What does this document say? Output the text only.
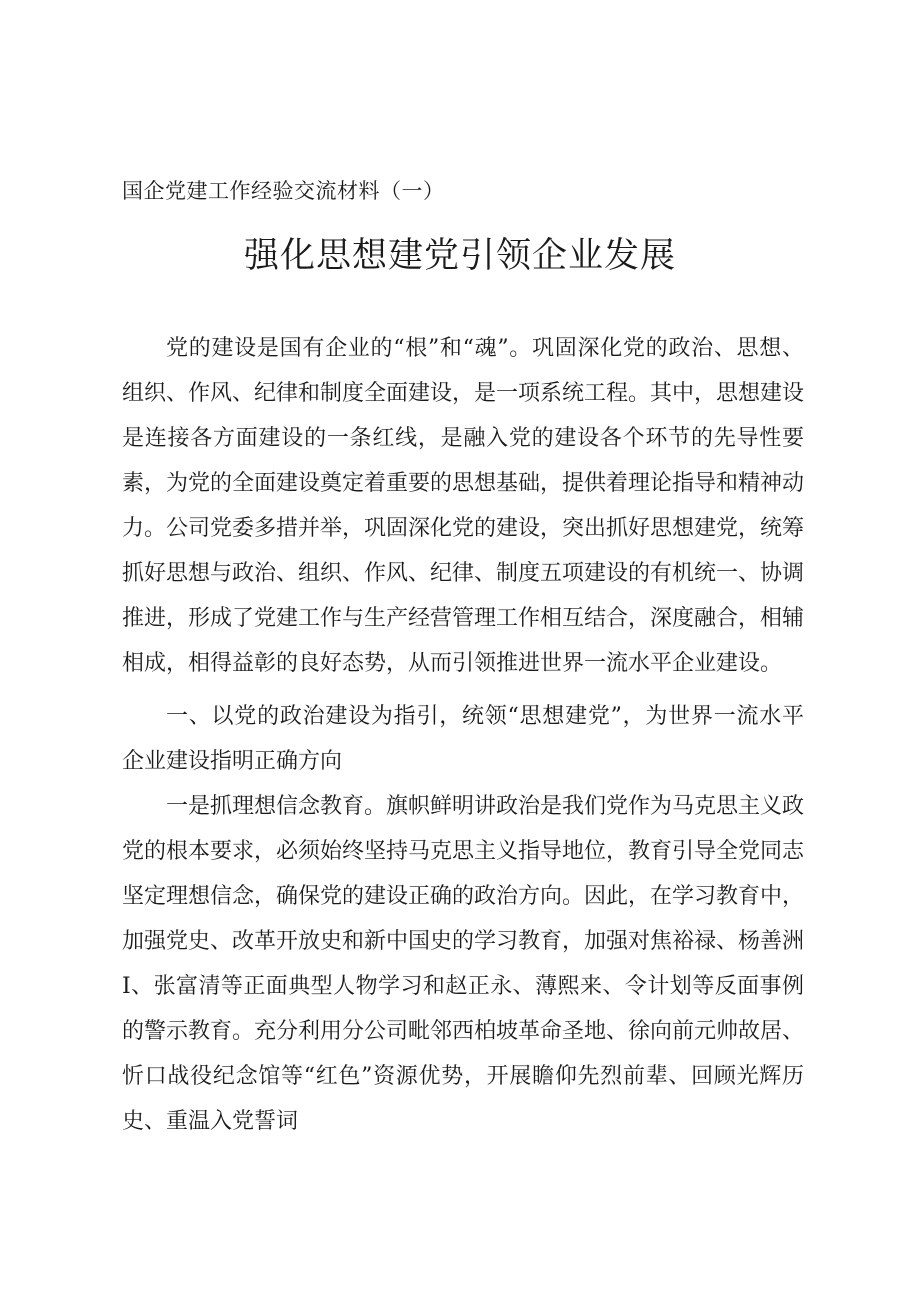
国企党建工作经验交流材料（一）
强化思想建党引领企业发展

党的建设是国有企业的“根”和“魂”。巩固深化党的政治、思想、组织、作风、纪律和制度全面建设，是一项系统工程。其中，思想建设是连接各方面建设的一条红线，是融入党的建设各个环节的先导性要素，为党的全面建设奠定着重要的思想基础，提供着理论指导和精神动力。公司党委多措并举，巩固深化党的建设，突出抓好思想建党，统筹抓好思想与政治、组织、作风、纪律、制度五项建设的有机统一、协调推进，形成了党建工作与生产经营管理工作相互结合，深度融合，相辅相成，相得益彰的良好态势，从而引领推进世界一流水平企业建设。

一、以党的政治建设为指引，统领“思想建党”，为世界一流水平企业建设指明正确方向

一是抓理想信念教育。旗帜鲜明讲政治是我们党作为马克思主义政党的根本要求，必须始终坚持马克思主义指导地位，教育引导全党同志坚定理想信念，确保党的建设正确的政治方向。因此，在学习教育中，加强党史、改革开放史和新中国史的学习教育，加强对焦裕禄、杨善洲I、张富清等正面典型人物学习和赵正永、薄熙来、令计划等反面事例的警示教育。充分利用分公司毗邻西柏坡革命圣地、徐向前元帅故居、忻口战役纪念馆等“红色”资源优势，开展瞻仰先烈前辈、回顾光辉历史、重温入党誓词
